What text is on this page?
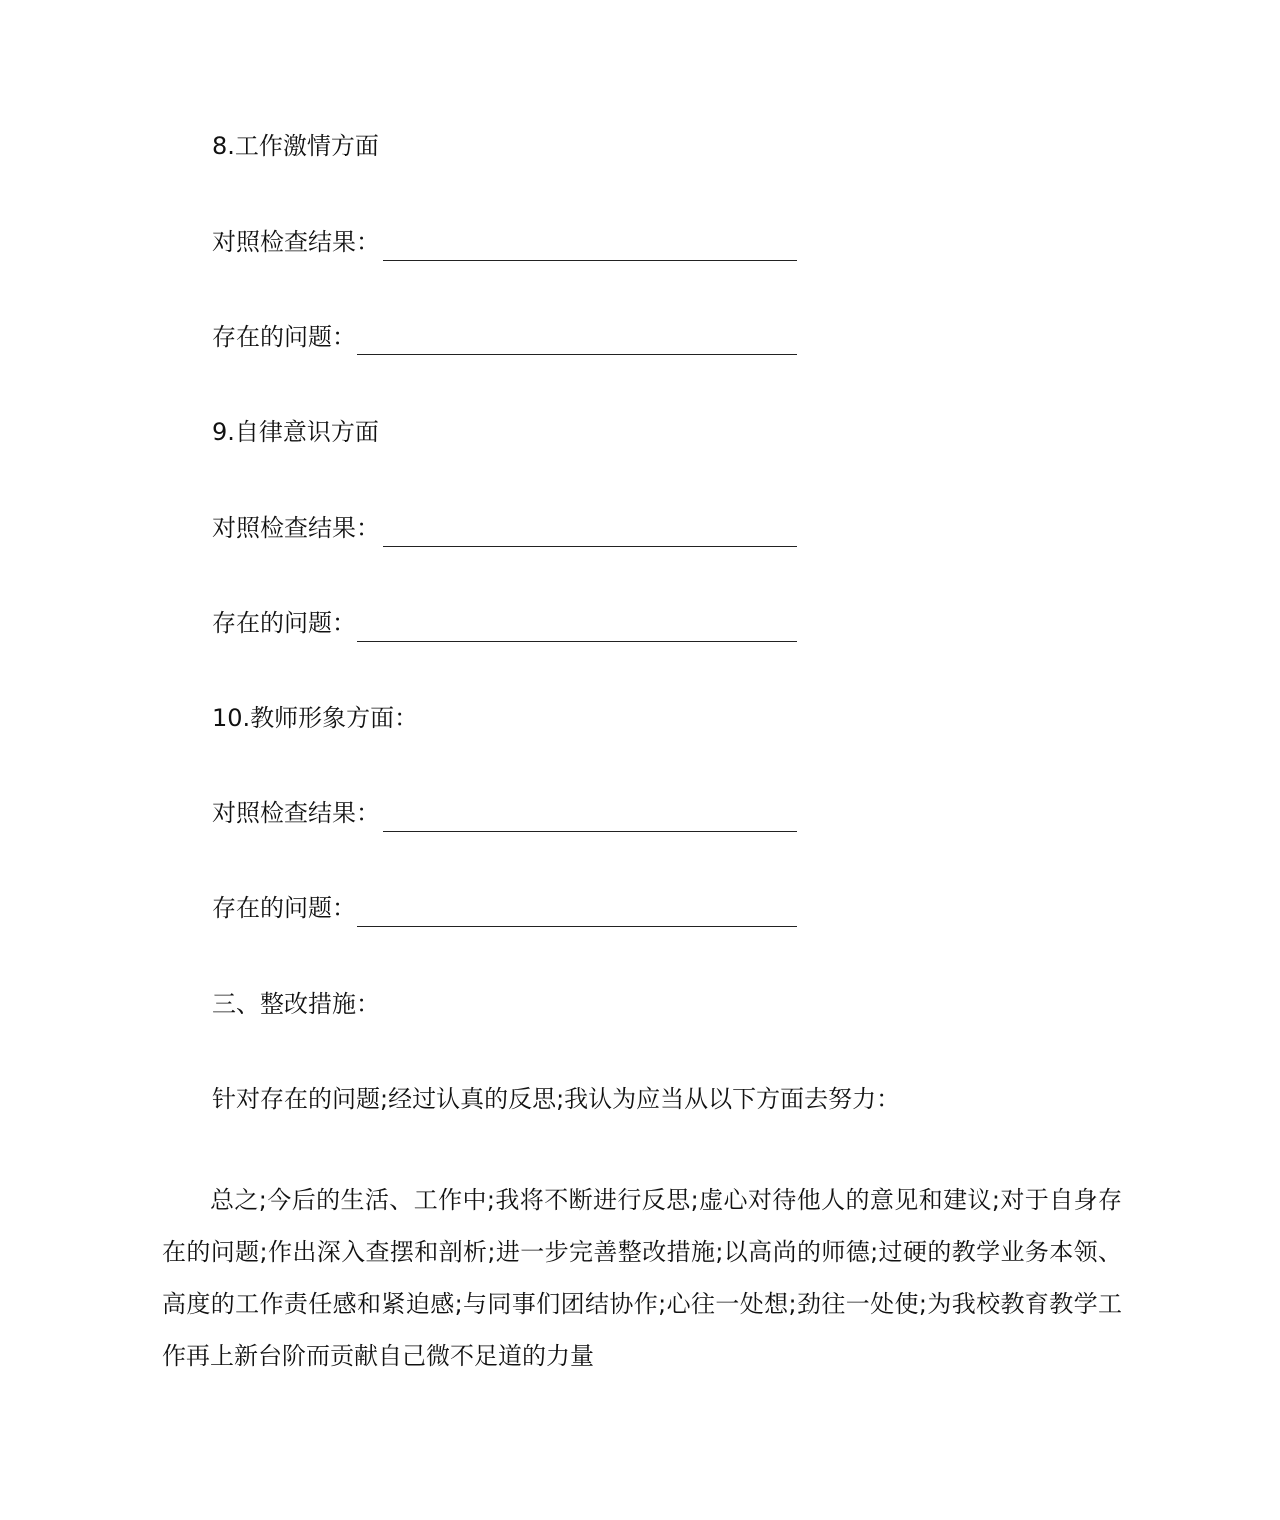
8.工作激情方面
对照检查结果：
存在的问题：
9.自律意识方面
对照检查结果：
存在的问题：
10.教师形象方面：
对照检查结果：
存在的问题：
三、整改措施：
针对存在的问题;经过认真的反思;我认为应当从以下方面去努力：
总之;今后的生活、工作中;我将不断进行反思;虚心对待他人的意见和建议;对于自身存在的问题;作出深入查摆和剖析;进一步完善整改措施;以高尚的师德;过硬的教学业务本领、高度的工作责任感和紧迫感;与同事们团结协作;心往一处想;劲往一处使;为我校教育教学工作再上新台阶而贡献自己微不足道的力量
